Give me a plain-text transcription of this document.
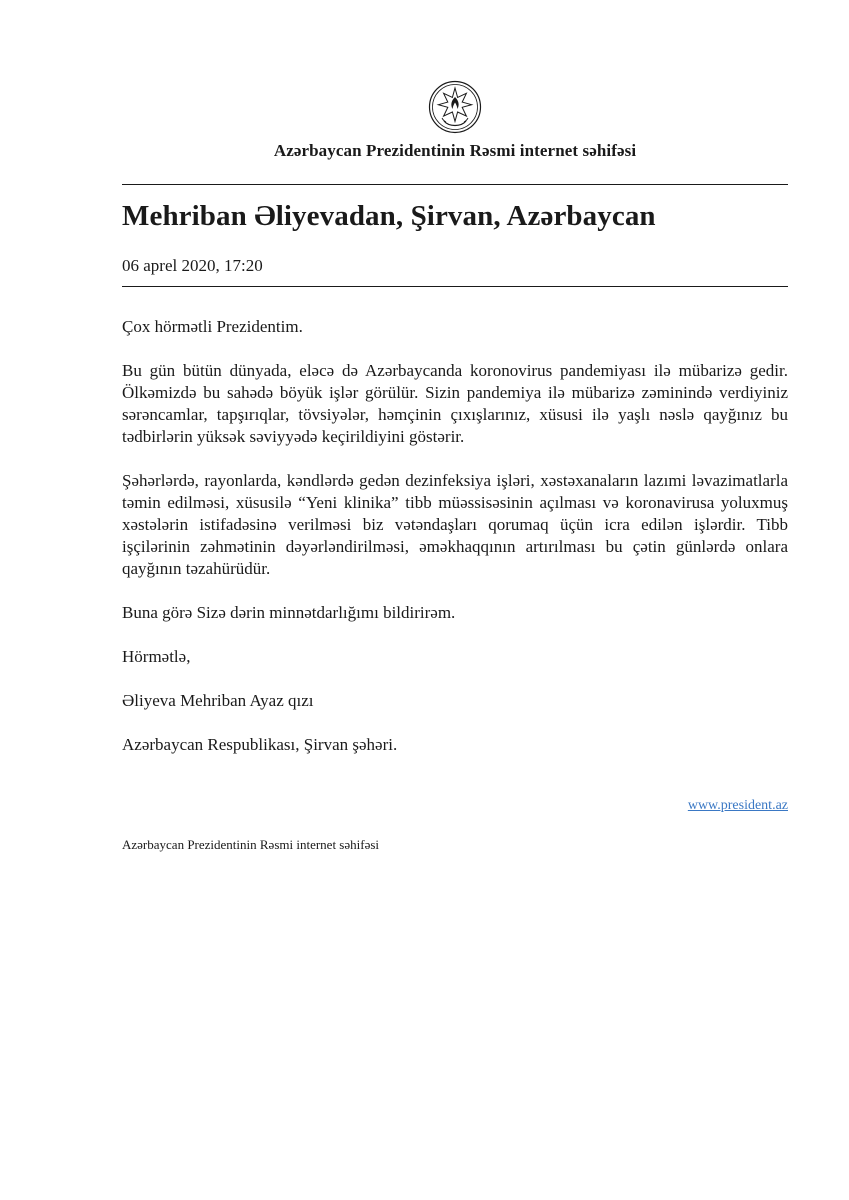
Azərbaycan Prezidentinin Rəsmi internet səhifəsi
Mehriban Əliyevadan, Şirvan, Azərbaycan
06 aprel 2020, 17:20

Çox hörmətli Prezidentim.

Bu gün bütün dünyada, eləcə də Azərbaycanda koronovirus pandemiyası ilə mübarizə gedir. Ölkəmizdə bu sahədə böyük işlər görülür. Sizin pandemiya ilə mübarizə zəminində verdiyiniz sərəncamlar, tapşırıqlar, tövsiyələr, həmçinin çıxışlarınız, xüsusi ilə yaşlı nəslə qayğınız bu tədbirlərin yüksək səviyyədə keçirildiyini göstərir.

Şəhərlərdə, rayonlarda, kəndlərdə gedən dezinfeksiya işləri, xəstəxanaların lazımi ləvazimatlarla təmin edilməsi, xüsusilə “Yeni klinika” tibb müəssisəsinin açılması və koronavirusa yoluxmuş xəstələrin istifadəsinə verilməsi biz vətəndaşları qorumaq üçün icra edilən işlərdir. Tibb işçilərinin zəhmətinin dəyərləndirilməsi, əməkhaqqının artırılması bu çətin günlərdə onlara qayğının təzahürüdür.

Buna görə Sizə dərin minnətdarlığımı bildirirəm.

Hörmətlə,

Əliyeva Mehriban Ayaz qızı

Azərbaycan Respublikası, Şirvan şəhəri.

www.president.az
Azərbaycan Prezidentinin Rəsmi internet səhifəsi
